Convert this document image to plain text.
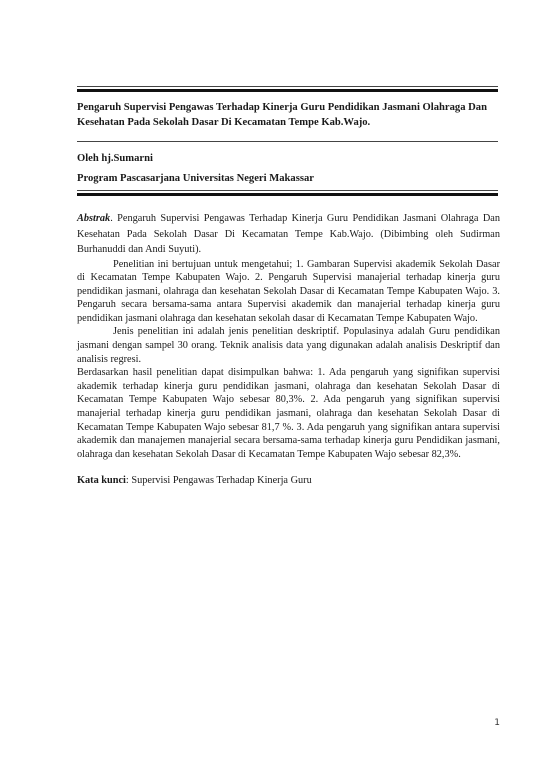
Pengaruh Supervisi Pengawas Terhadap Kinerja Guru Pendidikan Jasmani Olahraga Dan Kesehatan Pada Sekolah Dasar Di Kecamatan Tempe Kab.Wajo.
Oleh hj.Sumarni
Program Pascasarjana Universitas Negeri Makassar

Abstrak. Pengaruh Supervisi Pengawas Terhadap Kinerja Guru Pendidikan Jasmani Olahraga Dan Kesehatan Pada Sekolah Dasar Di Kecamatan Tempe Kab.Wajo. (Dibimbing oleh Sudirman Burhanuddi dan Andi Suyuti).

Penelitian ini bertujuan untuk mengetahui; 1. Gambaran Supervisi akademik Sekolah Dasar di Kecamatan Tempe Kabupaten Wajo. 2. Pengaruh Supervisi manajerial terhadap kinerja guru pendidikan jasmani, olahraga dan kesehatan Sekolah Dasar di Kecamatan Tempe Kabupaten Wajo. 3. Pengaruh secara bersama-sama antara Supervisi akademik dan manajerial terhadap kinerja guru pendidikan jasmani olahraga dan kesehatan sekolah dasar di Kecamatan Tempe Kabupaten Wajo.

Jenis penelitian ini adalah jenis penelitian deskriptif. Populasinya adalah Guru pendidikan jasmani dengan sampel 30 orang. Teknik analisis data yang digunakan adalah analisis Deskriptif dan analisis regresi.

Berdasarkan hasil penelitian dapat disimpulkan bahwa: 1. Ada pengaruh yang signifikan supervisi akademik terhadap kinerja guru pendidikan jasmani, olahraga dan kesehatan Sekolah Dasar di Kecamatan Tempe Kabupaten Wajo sebesar 80,3%. 2. Ada pengaruh yang signifikan supervisi manajerial terhadap kinerja guru pendidikan jasmani, olahraga dan kesehatan Sekolah Dasar di Kecamatan Tempe Kabupaten Wajo sebesar 81,7 %. 3. Ada pengaruh yang signifikan antara supervisi akademik dan manajemen manajerial secara bersama-sama terhadap kinerja guru Pendidikan jasmani, olahraga dan kesehatan Sekolah Dasar di Kecamatan Tempe Kabupaten Wajo sebesar 82,3%.

Kata kunci: Supervisi Pengawas Terhadap Kinerja Guru

1
